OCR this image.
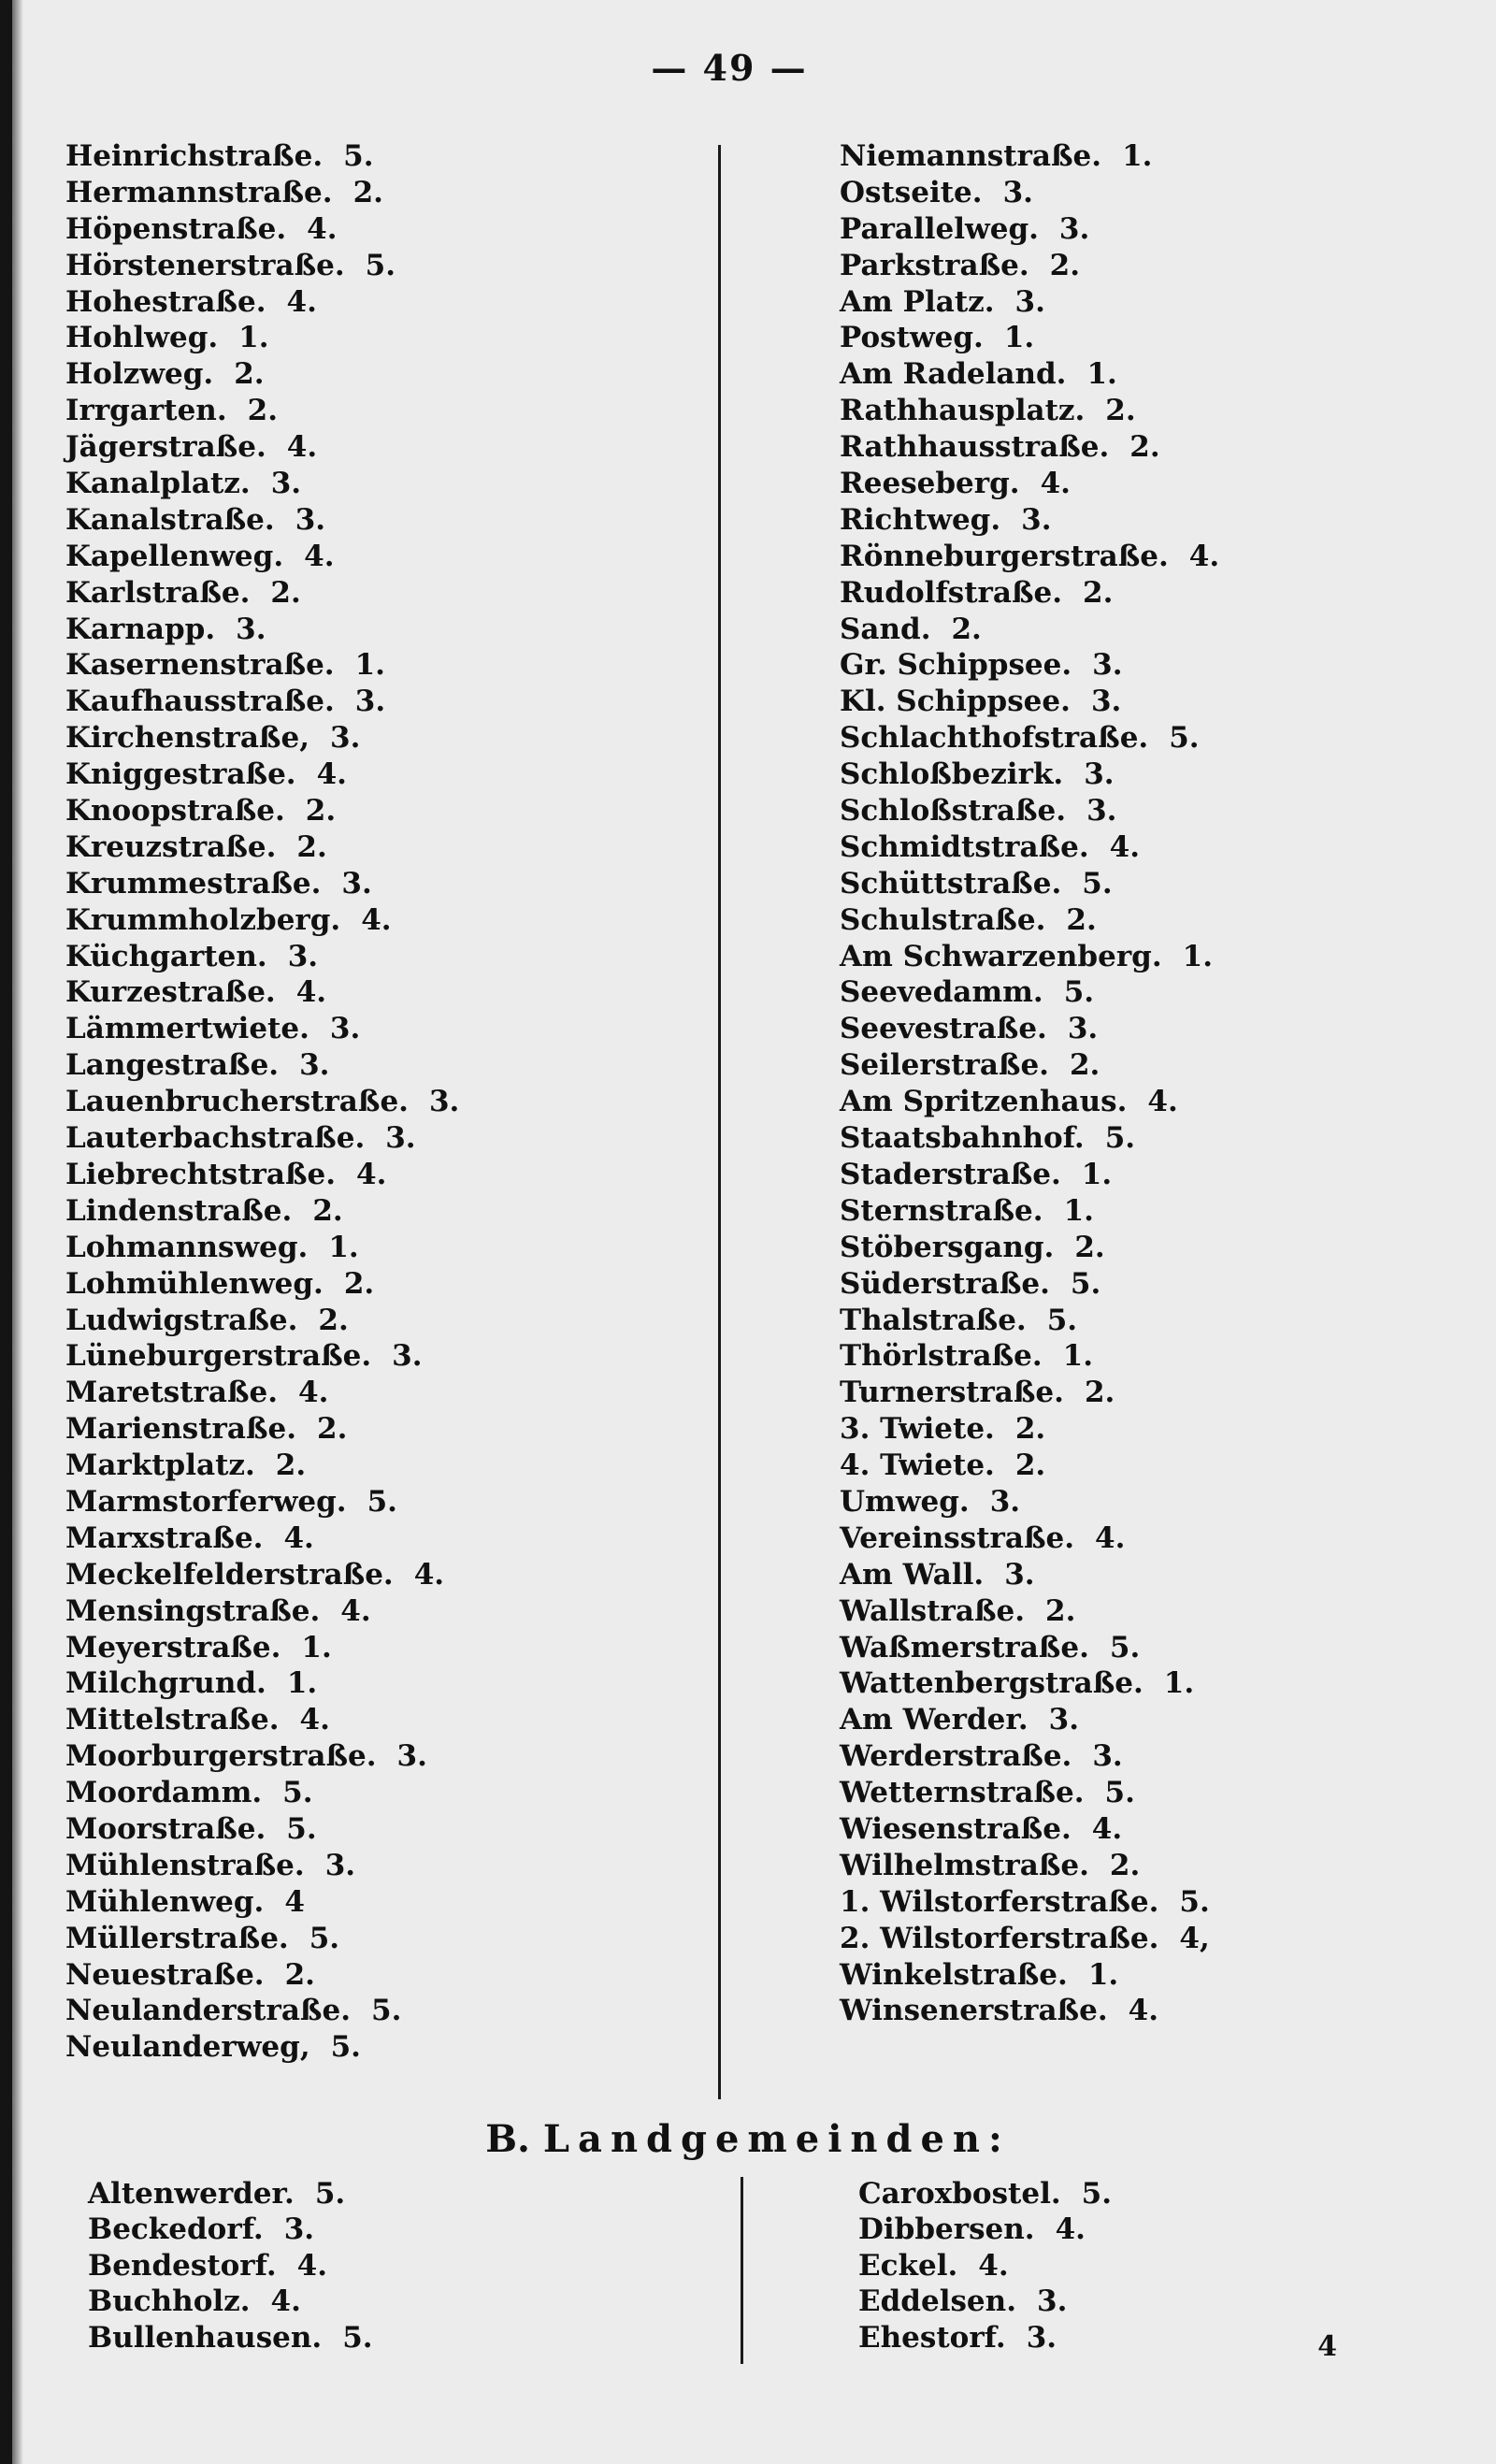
— 49 —
Heinrichstraße. 5.
Hermannstraße. 2.
Höpenstraße. 4.
Hörstenerstraße. 5.
Hohestraße. 4.
Hohlweg. 1.
Holzweg. 2.
Irrgarten. 2.
Jägerstraße. 4.
Kanalplatz. 3.
Kanalstraße. 3.
Kapellenweg. 4.
Karlstraße. 2.
Karnapp. 3.
Kasernenstraße. 1.
Kaufhausstraße. 3.
Kirchenstraße, 3.
Kniggestraße. 4.
Knoopstraße. 2.
Kreuzstraße. 2.
Krummestraße. 3.
Krummholzberg. 4.
Küchgarten. 3.
Kurzestraße. 4.
Lämmertwiete. 3.
Langestraße. 3.
Lauenbrucherstraße. 3.
Lauterbachstraße. 3.
Liebrechtstraße. 4.
Lindenstraße. 2.
Lohmannsweg. 1.
Lohmühlenweg. 2.
Ludwigstraße. 2.
Lüneburgerstraße. 3.
Maretstraße. 4.
Marienstraße. 2.
Marktplatz. 2.
Marmstorferweg. 5.
Marxstraße. 4.
Meckelfelderstraße. 4.
Mensingstraße. 4.
Meyerstraße. 1.
Milchgrund. 1.
Mittelstraße. 4.
Moorburgerstraße. 3.
Moordamm. 5.
Moorstraße. 5.
Mühlenstraße. 3.
Mühlenweg. 4
Müllerstraße. 5.
Neuestraße. 2.
Neulanderstraße. 5.
Neulanderweg, 5.
Niemannstraße. 1.
Ostseite. 3.
Parallelweg. 3.
Parkstraße. 2.
Am Platz. 3.
Postweg. 1.
Am Radeland. 1.
Rathhausplatz. 2.
Rathhausstraße. 2.
Reeseberg. 4.
Richtweg. 3.
Rönneburgerstraße. 4.
Rudolfstraße. 2.
Sand. 2.
Gr. Schippsee. 3.
Kl. Schippsee. 3.
Schlachthofstraße. 5.
Schloßbezirk. 3.
Schloßstraße. 3.
Schmidtstraße. 4.
Schüttstraße. 5.
Schulstraße. 2.
Am Schwarzenberg. 1.
Seevedamm. 5.
Seevestraße. 3.
Seilerstraße. 2.
Am Spritzenhaus. 4.
Staatsbahnhof. 5.
Staderstraße. 1.
Sternstraße. 1.
Stöbersgang. 2.
Süderstraße. 5.
Thalstraße. 5.
Thörlstraße. 1.
Turnerstraße. 2.
3. Twiete. 2.
4. Twiete. 2.
Umweg. 3.
Vereinsstraße. 4.
Am Wall. 3.
Wallstraße. 2.
Waßmerstraße. 5.
Wattenbergstraße. 1.
Am Werder. 3.
Werderstraße. 3.
Wetternstraße. 5.
Wiesenstraße. 4.
Wilhelmstraße. 2.
1. Wilstorferstraße. 5.
2. Wilstorferstraße. 4,
Winkelstraße. 1.
Winsenerstraße. 4.
B. Landgemeinden:
Altenwerder. 5.
Beckedorf. 3.
Bendestorf. 4.
Buchholz. 4.
Bullenhausen. 5.
Caroxbostel. 5.
Dibbersen. 4.
Eckel. 4.
Eddelsen. 3.
Ehestorf. 3.	4
